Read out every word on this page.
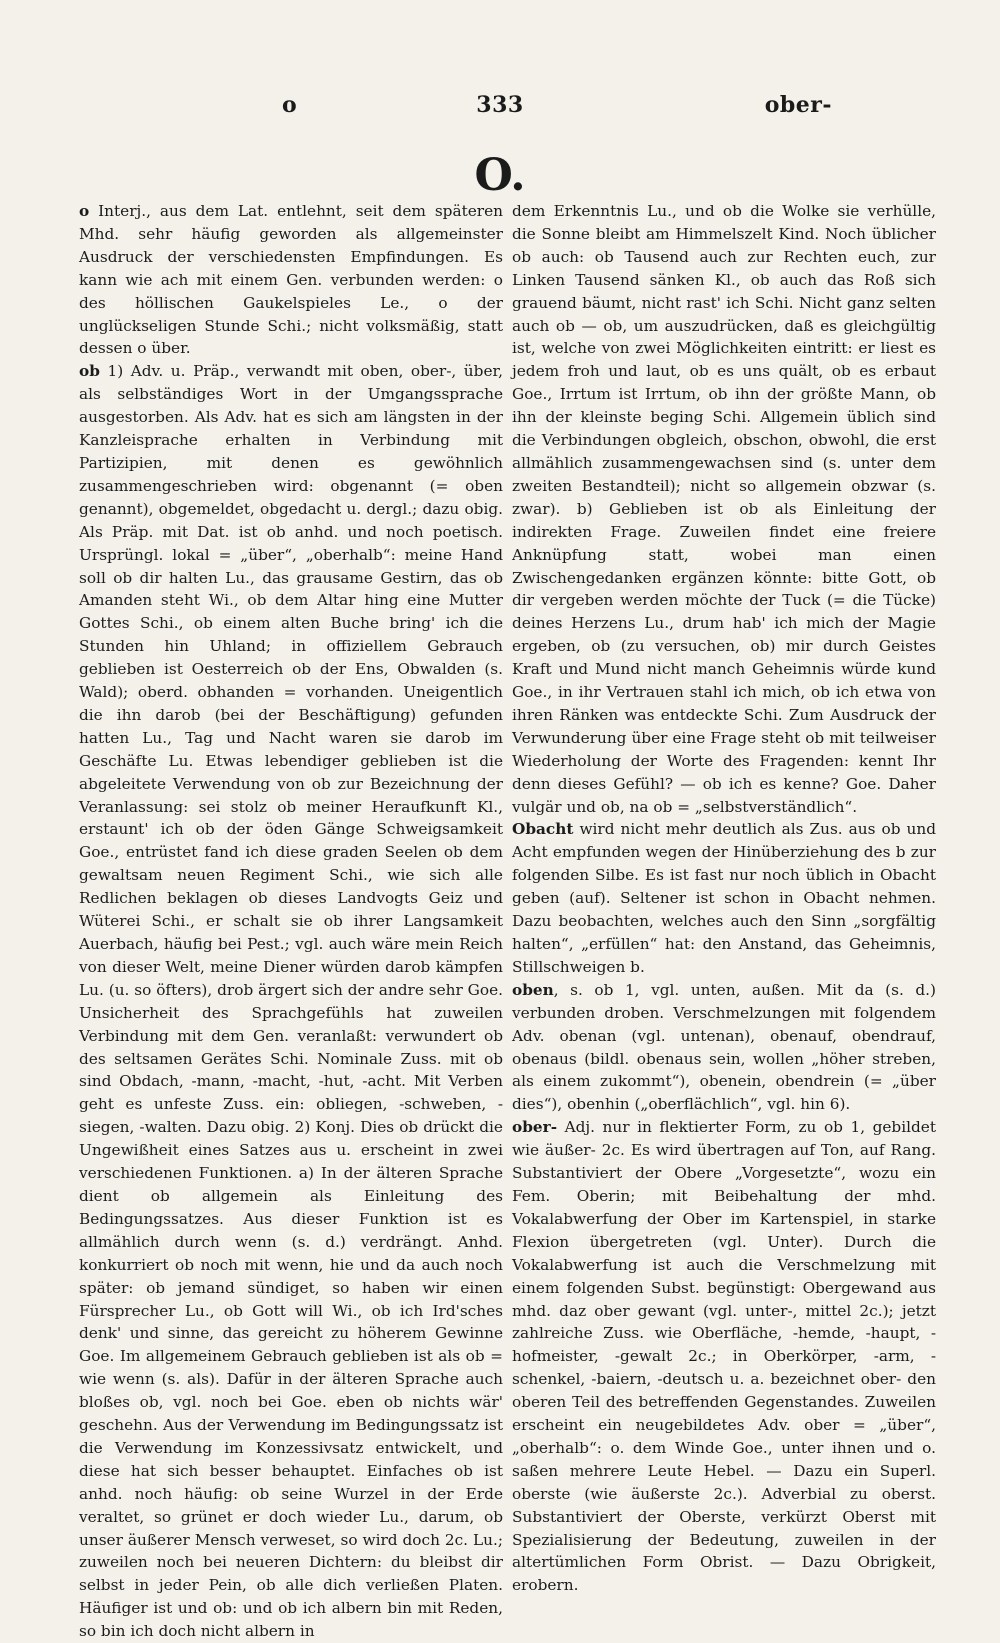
o	333	ober-
O.

o Interj., aus dem Lat. entlehnt, seit dem späteren Mhd. sehr häufig geworden als allgemeinster Ausdruck der verschiedensten Empfindungen. Es kann wie ach mit einem Gen. verbunden werden: o des höllischen Gaukelspieles Le., o der unglückseligen Stunde Schi.; nicht volksmäßig, statt dessen o über.

ob 1) Adv. u. Präp., verwandt mit oben, ober-, über, als selbständiges Wort in der Umgangssprache ausgestorben. Als Adv. hat es sich am längsten in der Kanzleisprache erhalten in Verbindung mit Partizipien, mit denen es gewöhnlich zusammengeschrieben wird: obgenannt (= oben genannt), obgemeldet, obgedacht u. dergl.; dazu obig. Als Präp. mit Dat. ist ob anhd. und noch poetisch. Ursprüngl. lokal = „über“, „oberhalb“: meine Hand soll ob dir halten Lu., das grausame Gestirn, das ob Amanden steht Wi., ob dem Altar hing eine Mutter Gottes Schi., ob einem alten Buche bring' ich die Stunden hin Uhland; in offiziellem Gebrauch geblieben ist Oesterreich ob der Ens, Obwalden (s. Wald); oberd. obhanden = vorhanden. Uneigentlich die ihn darob (bei der Beschäftigung) gefunden hatten Lu., Tag und Nacht waren sie darob im Geschäfte Lu. Etwas lebendiger geblieben ist die abgeleitete Verwendung von ob zur Bezeichnung der Veranlassung: sei stolz ob meiner Heraufkunft Kl., erstaunt' ich ob der öden Gänge Schweigsamkeit Goe., entrüstet fand ich diese graden Seelen ob dem gewaltsam neuen Regiment Schi., wie sich alle Redlichen beklagen ob dieses Landvogts Geiz und Wüterei Schi., er schalt sie ob ihrer Langsamkeit Auerbach, häufig bei Pest.; vgl. auch wäre mein Reich von dieser Welt, meine Diener würden darob kämpfen Lu. (u. so öfters), drob ärgert sich der andre sehr Goe. Unsicherheit des Sprachgefühls hat zuweilen Verbindung mit dem Gen. veranlaßt: verwundert ob des seltsamen Gerätes Schi. Nominale Zuss. mit ob sind Obdach, -mann, -macht, -hut, -acht. Mit Verben geht es unfeste Zuss. ein: obliegen, -schweben, -siegen, -walten. Dazu obig. 2) Konj. Dies ob drückt die Ungewißheit eines Satzes aus u. erscheint in zwei verschiedenen Funktionen. a) In der älteren Sprache dient ob allgemein als Einleitung des Bedingungssatzes. Aus dieser Funktion ist es allmählich durch wenn (s. d.) verdrängt. Anhd. konkurriert ob noch mit wenn, hie und da auch noch später: ob jemand sündiget, so haben wir einen Fürsprecher Lu., ob Gott will Wi., ob ich Ird'sches denk' und sinne, das gereicht zu höherem Gewinne Goe. Im allgemeinem Gebrauch geblieben ist als ob = wie wenn (s. als). Dafür in der älteren Sprache auch bloßes ob, vgl. noch bei Goe. eben ob nichts wär' geschehn. Aus der Verwendung im Bedingungssatz ist die Verwendung im Konzessivsatz entwickelt, und diese hat sich besser behauptet. Einfaches ob ist anhd. noch häufig: ob seine Wurzel in der Erde veraltet, so grünet er doch wieder Lu., darum, ob unser äußerer Mensch verweset, so wird doch 2c. Lu.; zuweilen noch bei neueren Dichtern: du bleibst dir selbst in jeder Pein, ob alle dich verließen Platen. Häufiger ist und ob: und ob ich albern bin mit Reden, so bin ich doch nicht albern in

dem Erkenntnis Lu., und ob die Wolke sie verhülle, die Sonne bleibt am Himmelszelt Kind. Noch üblicher ob auch: ob Tausend auch zur Rechten euch, zur Linken Tausend sänken Kl., ob auch das Roß sich grauend bäumt, nicht rast' ich Schi. Nicht ganz selten auch ob — ob, um auszudrücken, daß es gleichgültig ist, welche von zwei Möglichkeiten eintritt: er liest es jedem froh und laut, ob es uns quält, ob es erbaut Goe., Irrtum ist Irrtum, ob ihn der größte Mann, ob ihn der kleinste beging Schi. Allgemein üblich sind die Verbindungen obgleich, obschon, obwohl, die erst allmählich zusammengewachsen sind (s. unter dem zweiten Bestandteil); nicht so allgemein obzwar (s. zwar). b) Geblieben ist ob als Einleitung der indirekten Frage. Zuweilen findet eine freiere Anknüpfung statt, wobei man einen Zwischengedanken ergänzen könnte: bitte Gott, ob dir vergeben werden möchte der Tuck (= die Tücke) deines Herzens Lu., drum hab' ich mich der Magie ergeben, ob (zu versuchen, ob) mir durch Geistes Kraft und Mund nicht manch Geheimnis würde kund Goe., in ihr Vertrauen stahl ich mich, ob ich etwa von ihren Ränken was entdeckte Schi. Zum Ausdruck der Verwunderung über eine Frage steht ob mit teilweiser Wiederholung der Worte des Fragenden: kennt Ihr denn dieses Gefühl? — ob ich es kenne? Goe. Daher vulgär und ob, na ob = „selbstverständlich“.

Obacht wird nicht mehr deutlich als Zus. aus ob und Acht empfunden wegen der Hinüberziehung des b zur folgenden Silbe. Es ist fast nur noch üblich in Obacht geben (auf). Seltener ist schon in Obacht nehmen. Dazu beobachten, welches auch den Sinn „sorgfältig halten“, „erfüllen“ hat: den Anstand, das Geheimnis, Stillschweigen b.

oben, s. ob 1, vgl. unten, außen. Mit da (s. d.) verbunden droben. Verschmelzungen mit folgendem Adv. obenan (vgl. untenan), obenauf, obendrauf, obenaus (bildl. obenaus sein, wollen „höher streben, als einem zukommt“), obenein, obendrein (= „über dies“), obenhin („oberflächlich“, vgl. hin 6).

ober- Adj. nur in flektierter Form, zu ob 1, gebildet wie äußer- 2c. Es wird übertragen auf Ton, auf Rang. Substantiviert der Obere „Vorgesetzte“, wozu ein Fem. Oberin; mit Beibehaltung der mhd. Vokalabwerfung der Ober im Kartenspiel, in starke Flexion übergetreten (vgl. Unter). Durch die Vokalabwerfung ist auch die Verschmelzung mit einem folgenden Subst. begünstigt: Obergewand aus mhd. daz ober gewant (vgl. unter-, mittel 2c.); jetzt zahlreiche Zuss. wie Oberfläche, -hemde, -haupt, -hofmeister, -gewalt 2c.; in Oberkörper, -arm, -schenkel, -baiern, -deutsch u. a. bezeichnet ober- den oberen Teil des betreffenden Gegenstandes. Zuweilen erscheint ein neugebildetes Adv. ober = „über“, „oberhalb“: o. dem Winde Goe., unter ihnen und o. saßen mehrere Leute Hebel. — Dazu ein Superl. oberste (wie äußerste 2c.). Adverbial zu oberst. Substantiviert der Oberste, verkürzt Oberst mit Spezialisierung der Bedeutung, zuweilen in der altertümlichen Form Obrist. — Dazu Obrigkeit, erobern.
